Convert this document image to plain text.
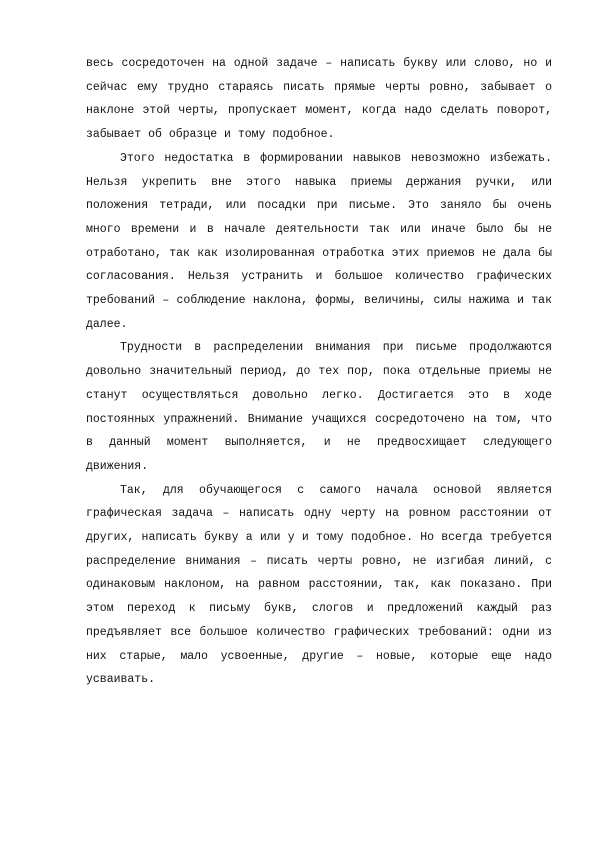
весь сосредоточен на одной задаче – написать букву или слово, но и сейчас ему трудно стараясь писать прямые черты ровно, забывает о наклоне этой черты, пропускает момент, когда надо сделать поворот, забывает об образце и тому подобное.

Этого недостатка в формировании навыков невозможно избежать. Нельзя укрепить вне этого навыка приемы держания ручки, или положения тетради, или посадки при письме. Это заняло бы очень много времени и в начале деятельности так или иначе было бы не отработано, так как изолированная отработка этих приемов не дала бы согласования. Нельзя устранить и большое количество графических требований – соблюдение наклона, формы, величины, силы нажима и так далее.

Трудности в распределении внимания при письме продолжаются довольно значительный период, до тех пор, пока отдельные приемы не станут осуществляться довольно легко. Достигается это в ходе постоянных упражнений. Внимание учащихся сосредоточено на том, что в данный момент выполняется, и не предвосхищает следующего движения.

Так, для обучающегося с самого начала основой является графическая задача – написать одну черту на ровном расстоянии от других, написать букву а или у и тому подобное. Но всегда требуется распределение внимания – писать черты ровно, не изгибая линий, с одинаковым наклоном, на равном расстоянии, так, как показано. При этом переход к письму букв, слогов и предложений каждый раз предъявляет все большое количество графических требований: одни из них старые, мало усвоенные, другие – новые, которые еще надо усваивать.
